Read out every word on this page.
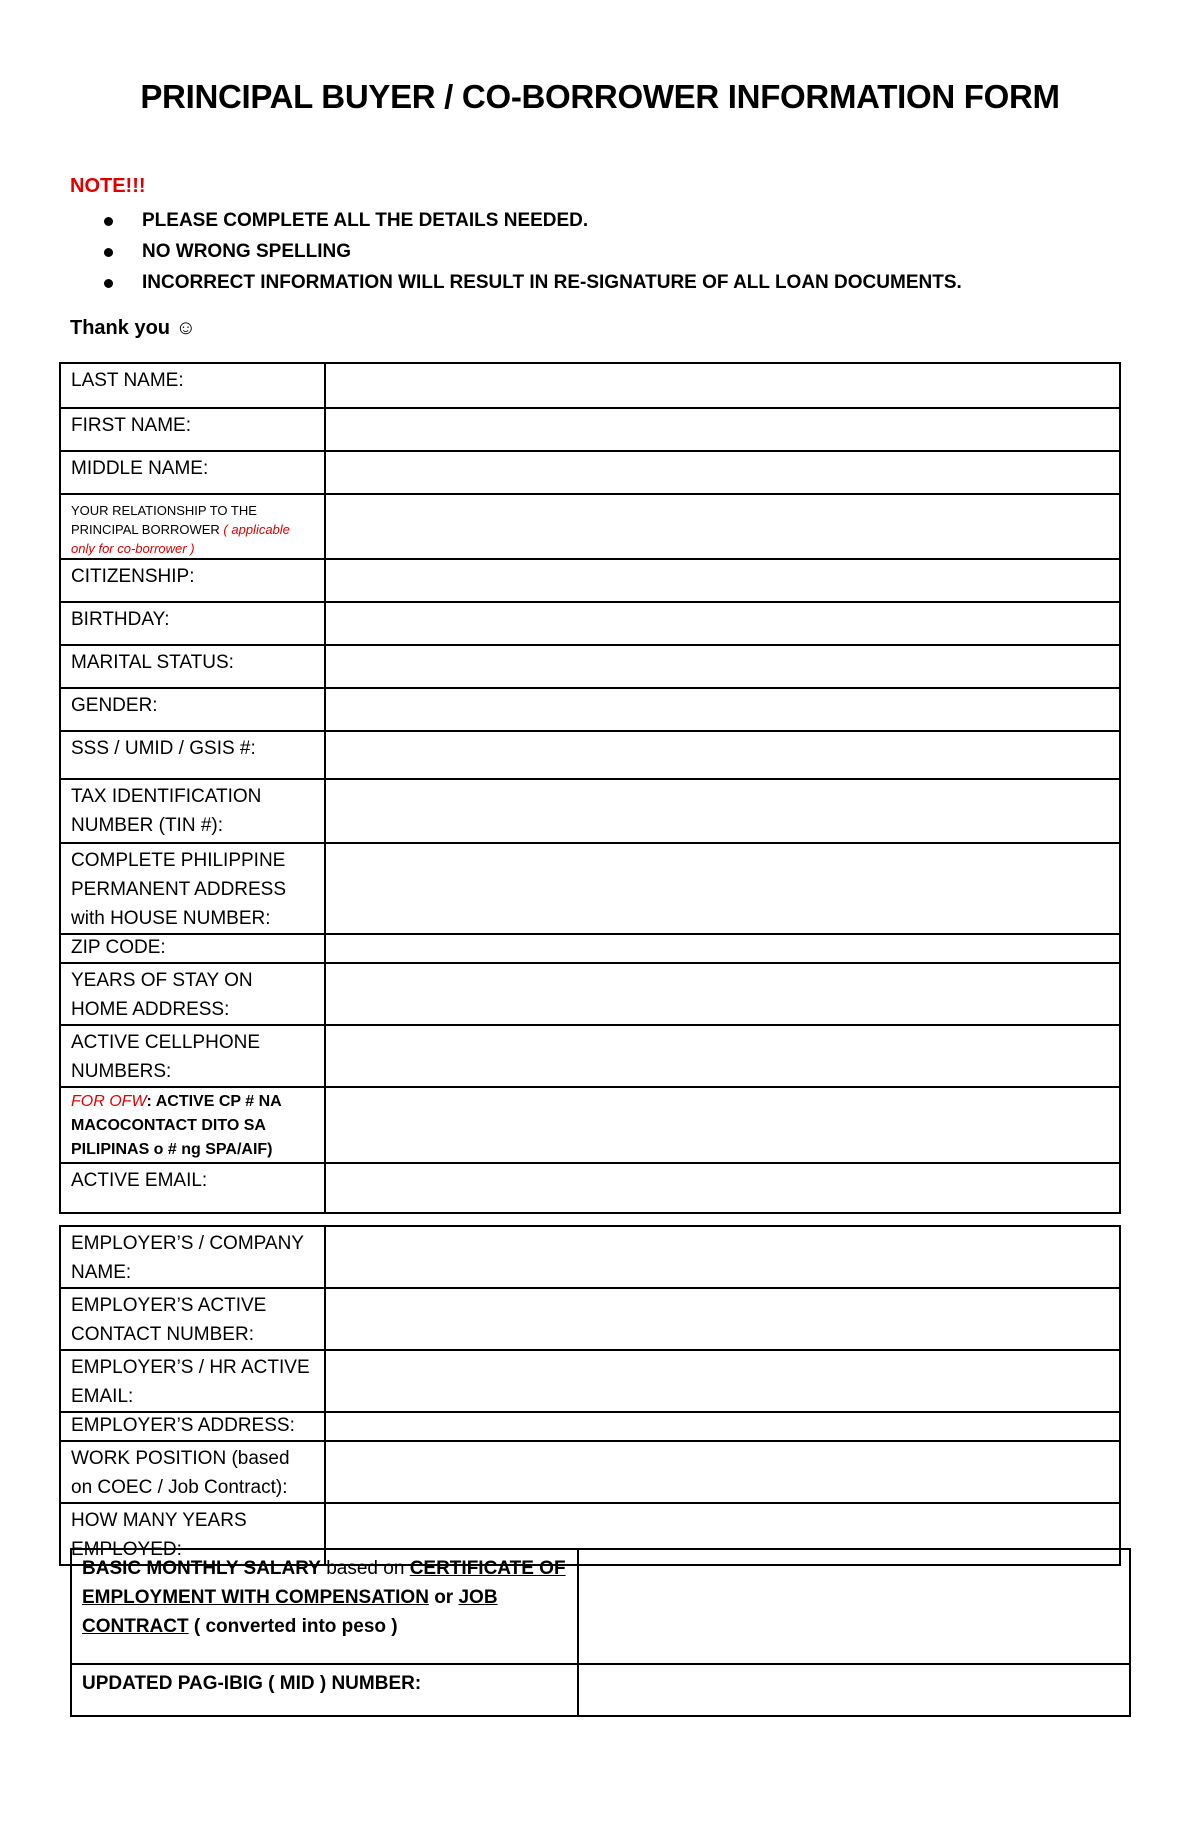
PRINCIPAL BUYER / CO-BORROWER INFORMATION FORM
NOTE!!!
PLEASE COMPLETE ALL THE DETAILS NEEDED.
NO WRONG SPELLING
INCORRECT INFORMATION WILL RESULT IN RE-SIGNATURE OF ALL LOAN DOCUMENTS.
Thank you ☺
LAST NAME:	
FIRST NAME:	
MIDDLE NAME:	

YOUR RELATIONSHIP TO THE PRINCIPAL BORROWER ( applicable only for co-borrower )	

CITIZENSHIP:	
BIRTHDAY:	
MARITAL STATUS:	
GENDER:	
SSS / UMID / GSIS #:	
TAX IDENTIFICATION NUMBER (TIN #):	
COMPLETE PHILIPPINE PERMANENT ADDRESS with HOUSE NUMBER:	
ZIP CODE:	
YEARS OF STAY ON HOME ADDRESS:	
ACTIVE CELLPHONE NUMBERS:	

FOR OFW: ACTIVE CP # NA MACOCONTACT DITO SA PILIPINAS o # ng SPA/AIF)	

ACTIVE EMAIL:	
EMPLOYER’S / COMPANY NAME:	
EMPLOYER’S ACTIVE CONTACT NUMBER:	
EMPLOYER’S / HR ACTIVE EMAIL:	
EMPLOYER’S ADDRESS:	
WORK POSITION (based on COEC / Job Contract):	
HOW MANY YEARS EMPLOYED:	
BASIC MONTHLY SALARY based on CERTIFICATE OF EMPLOYMENT WITH COMPENSATION or JOB CONTRACT ( converted into peso )	
UPDATED PAG-IBIG ( MID ) NUMBER:	
